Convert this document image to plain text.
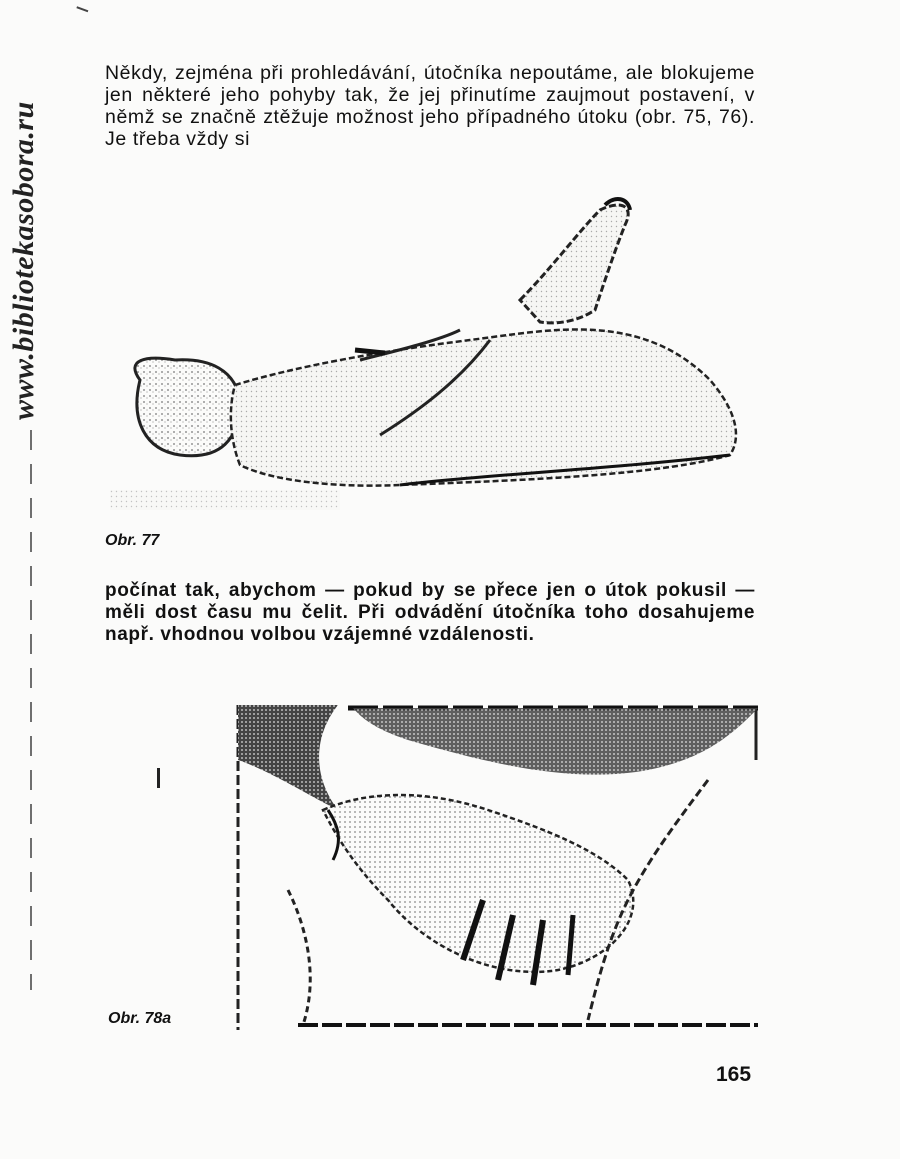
www.bibliotekasobora.ru

Někdy, zejména při prohledávání, útočníka nepoutáme, ale blokujeme jen některé jeho pohyby tak, že jej přinutíme zaujmout postavení, v němž se značně ztěžuje možnost jeho případného útoku (obr. 75, 76). Je třeba vždy si

Obr. 77

počínat tak, abychom — pokud by se přece jen o útok pokusil — měli dost času mu čelit. Při odvádění útočníka toho dosahujeme např. vhodnou volbou vzájemné vzdálenosti.

Obr. 78a
165
